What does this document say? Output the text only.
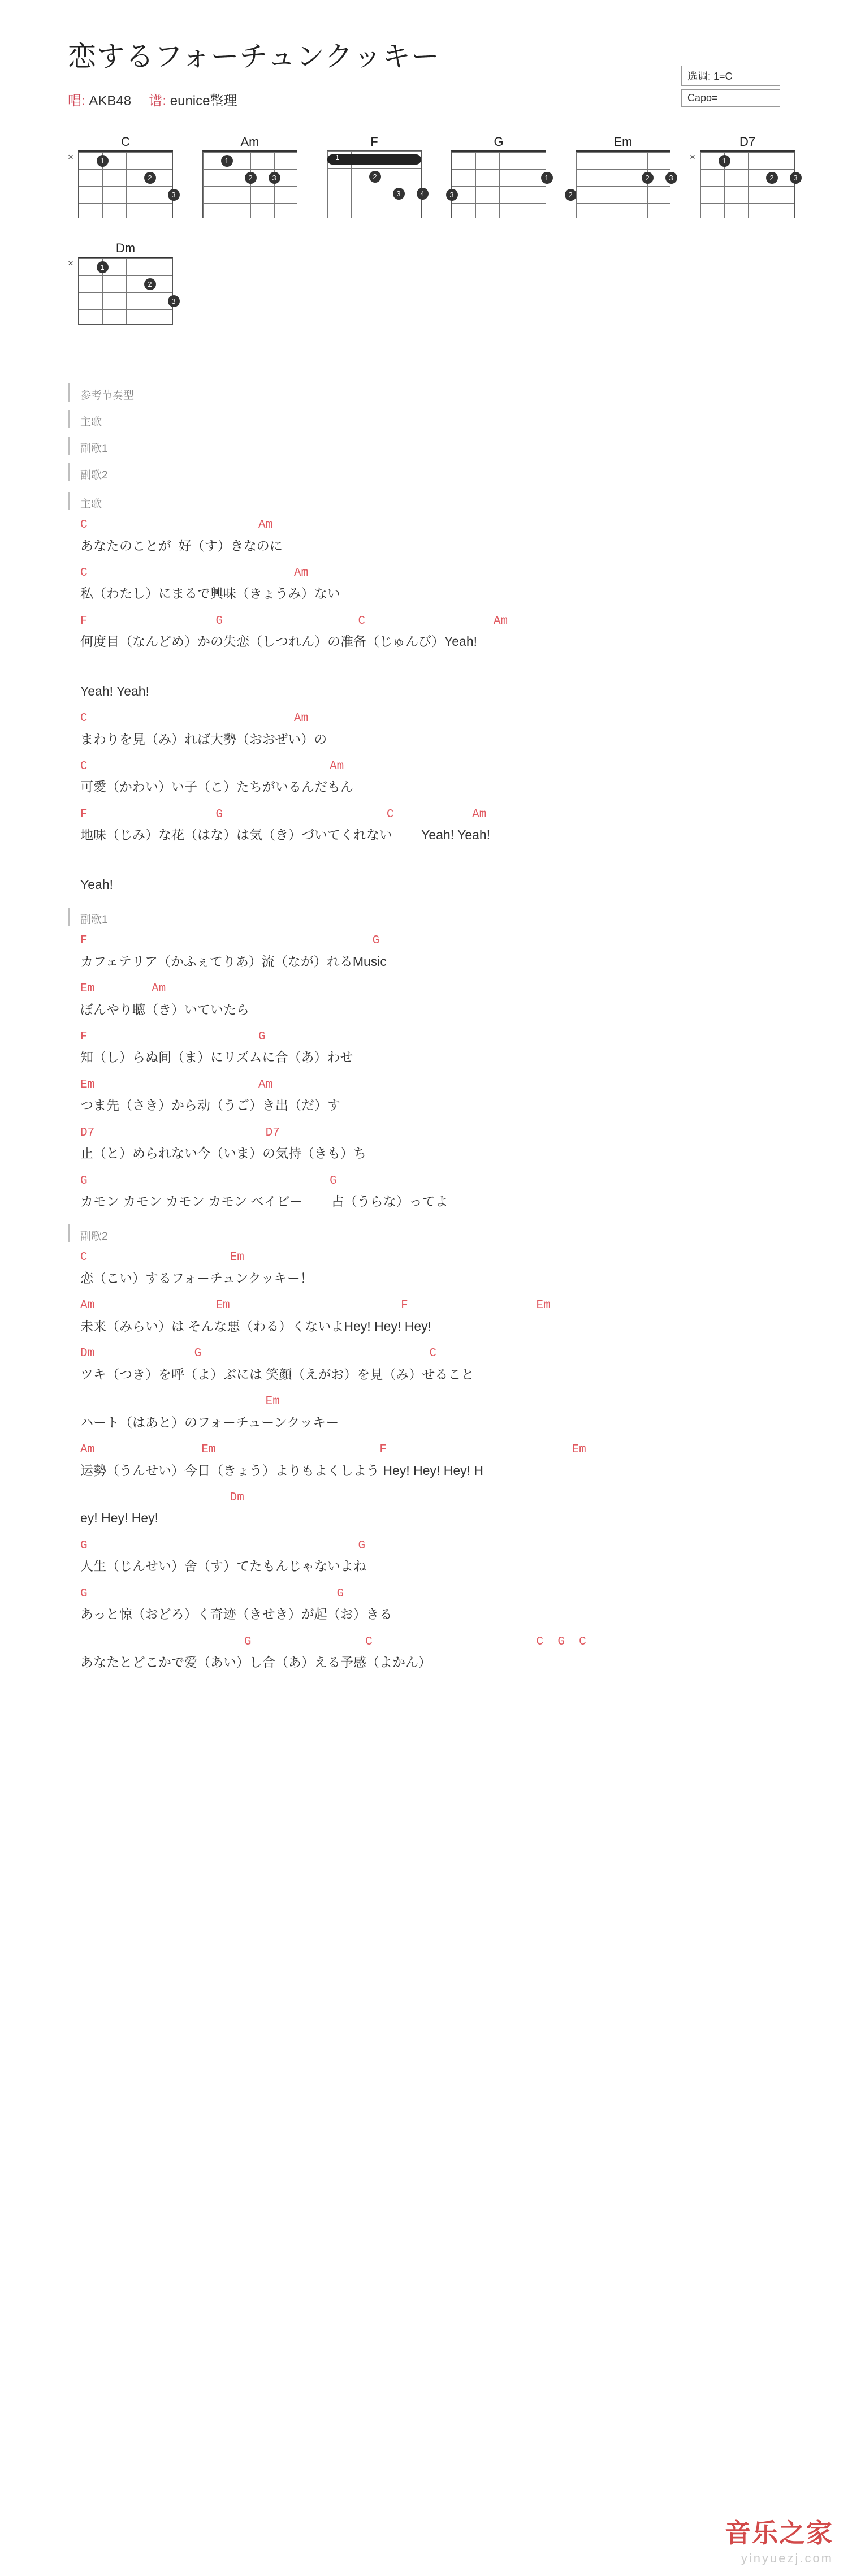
恋するフォーチュンクッキー
唱: AKB48 谱: eunice整理
选调: 1=C
Capo=
C
×	1
2
3
Am
1
2	3
F
1
2
3	4
G
3
1
2
Em
2	3
D7
×	1
2	3
Dm
×	1
2
3
参考节奏型
主歌
副歌1
副歌2
主歌
C                        Am
あなたのことが  好（す）きなのに
C                             Am
私（わたし）にまるで興味（きょうみ）ない
F                  G                   C                  Am
何度目（なんどめ）かの失恋（しつれん）の准备（じゅんび）Yeah!
Yeah! Yeah!
C                             Am
まわりを見（み）れば大勢（おおぜい）の
C                                  Am
可愛（かわい）い子（こ）たちがいるんだもん
F                  G                       C           Am
地味（じみ）な花（はな）は気（き）づいてくれない        Yeah! Yeah!
Yeah!
副歌1
F                                        G
カフェテリア（かふぇてりあ）流（なが）れるMusic
Em        Am
ぼんやり聴（き）いていたら
F                        G
知（し）らぬ间（ま）にリズムに合（あ）わせ
Em                       Am
つま先（さき）から动（うご）き出（だ）す
D7                        D7
止（と）められない今（いま）の気持（きも）ち
G                                  G
カモン カモン カモン カモン ベイビー        占（うらな）ってよ
副歌2
C                    Em
恋（こい）するフォーチュンクッキー！
Am                 Em                        F                  Em
未来（みらい）は そんな悪（わる）くないよHey! Hey! Hey! ＿
Dm              G                                C
ツキ（つき）を呼（よ）ぶには 笑顔（えがお）を見（み）せること
Em
ハート（はあと）のフォーチューンクッキー
Am               Em                       F                          Em
运勢（うんせい）今日（きょう）よりもよくしよう Hey! Hey! Hey! H
Dm
ey! Hey! Hey! ＿
G                                      G
人生（じんせい）舍（す）てたもんじゃないよね
G                                   G
あっと惊（おどろ）く奇迹（きせき）が起（お）きる
G                C                       C  G  C
あなたとどこかで爱（あい）し合（あ）える予感（よかん）
音乐之家
yinyuezj.com
